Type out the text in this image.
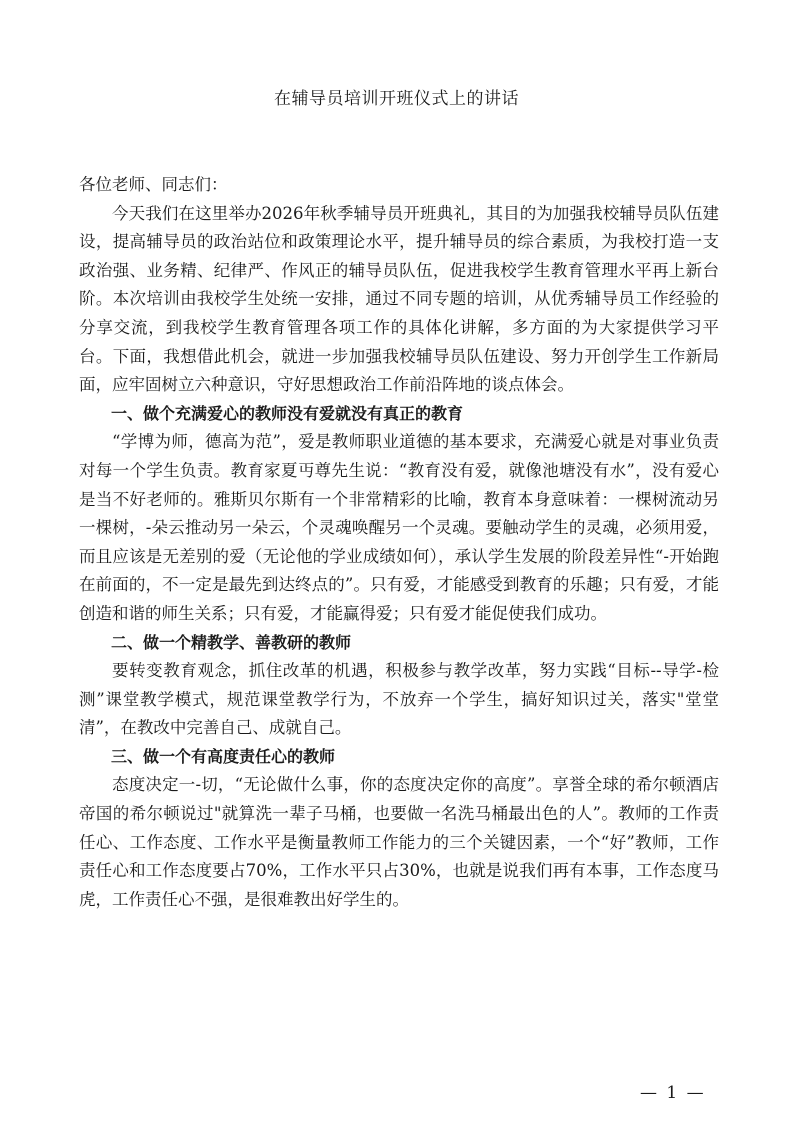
在辅导员培训开班仪式上的讲话

各位老师、同志们：

今天我们在这里举办2026年秋季辅导员开班典礼，其目的为加强我校辅导员队伍建设，提高辅导员的政治站位和政策理论水平，提升辅导员的综合素质，为我校打造一支政治强、业务精、纪律严、作风正的辅导员队伍，促进我校学生教育管理水平再上新台阶。本次培训由我校学生处统一安排，通过不同专题的培训，从优秀辅导员工作经验的分享交流，到我校学生教育管理各项工作的具体化讲解，多方面的为大家提供学习平台。下面，我想借此机会，就进一步加强我校辅导员队伍建设、努力开创学生工作新局面，应牢固树立六种意识，守好思想政治工作前沿阵地的谈点体会。

一、做个充满爱心的教师没有爱就没有真正的教育

“学博为师，德高为范”，爱是教师职业道德的基本要求，充满爱心就是对事业负责对每一个学生负责。教育家夏丏尊先生说：“教育没有爱，就像池塘没有水”，没有爱心是当不好老师的。雅斯贝尔斯有一个非常精彩的比喻，教育本身意味着：一棵树流动另一棵树，-朵云推动另一朵云，个灵魂唤醒另一个灵魂。要触动学生的灵魂，必须用爱，而且应该是无差别的爱（无论他的学业成绩如何），承认学生发展的阶段差异性“-开始跑在前面的，不一定是最先到达终点的”。只有爱，才能感受到教育的乐趣；只有爱，才能创造和谐的师生关系；只有爱，才能赢得爱；只有爱才能促使我们成功。

二、做一个精教学、善教研的教师

要转变教育观念，抓住改革的机遇，积极参与教学改革，努力实践“目标--导学-检测”课堂教学模式，规范课堂教学行为，不放弃一个学生，搞好知识过关，落实"堂堂清”，在教改中完善自己、成就自己。

三、做一个有高度责任心的教师

态度决定一-切，“无论做什么事，你的态度决定你的高度”。享誉全球的希尔顿酒店帝国的希尔顿说过"就算洗一辈子马桶，也要做一名洗马桶最出色的人”。教师的工作责任心、工作态度、工作水平是衡量教师工作能力的三个关键因素，一个“好”教师，工作责任心和工作态度要占70%，工作水平只占30%，也就是说我们再有本事，工作态度马虎，工作责任心不强，是很难教出好学生的。

— 1 —
